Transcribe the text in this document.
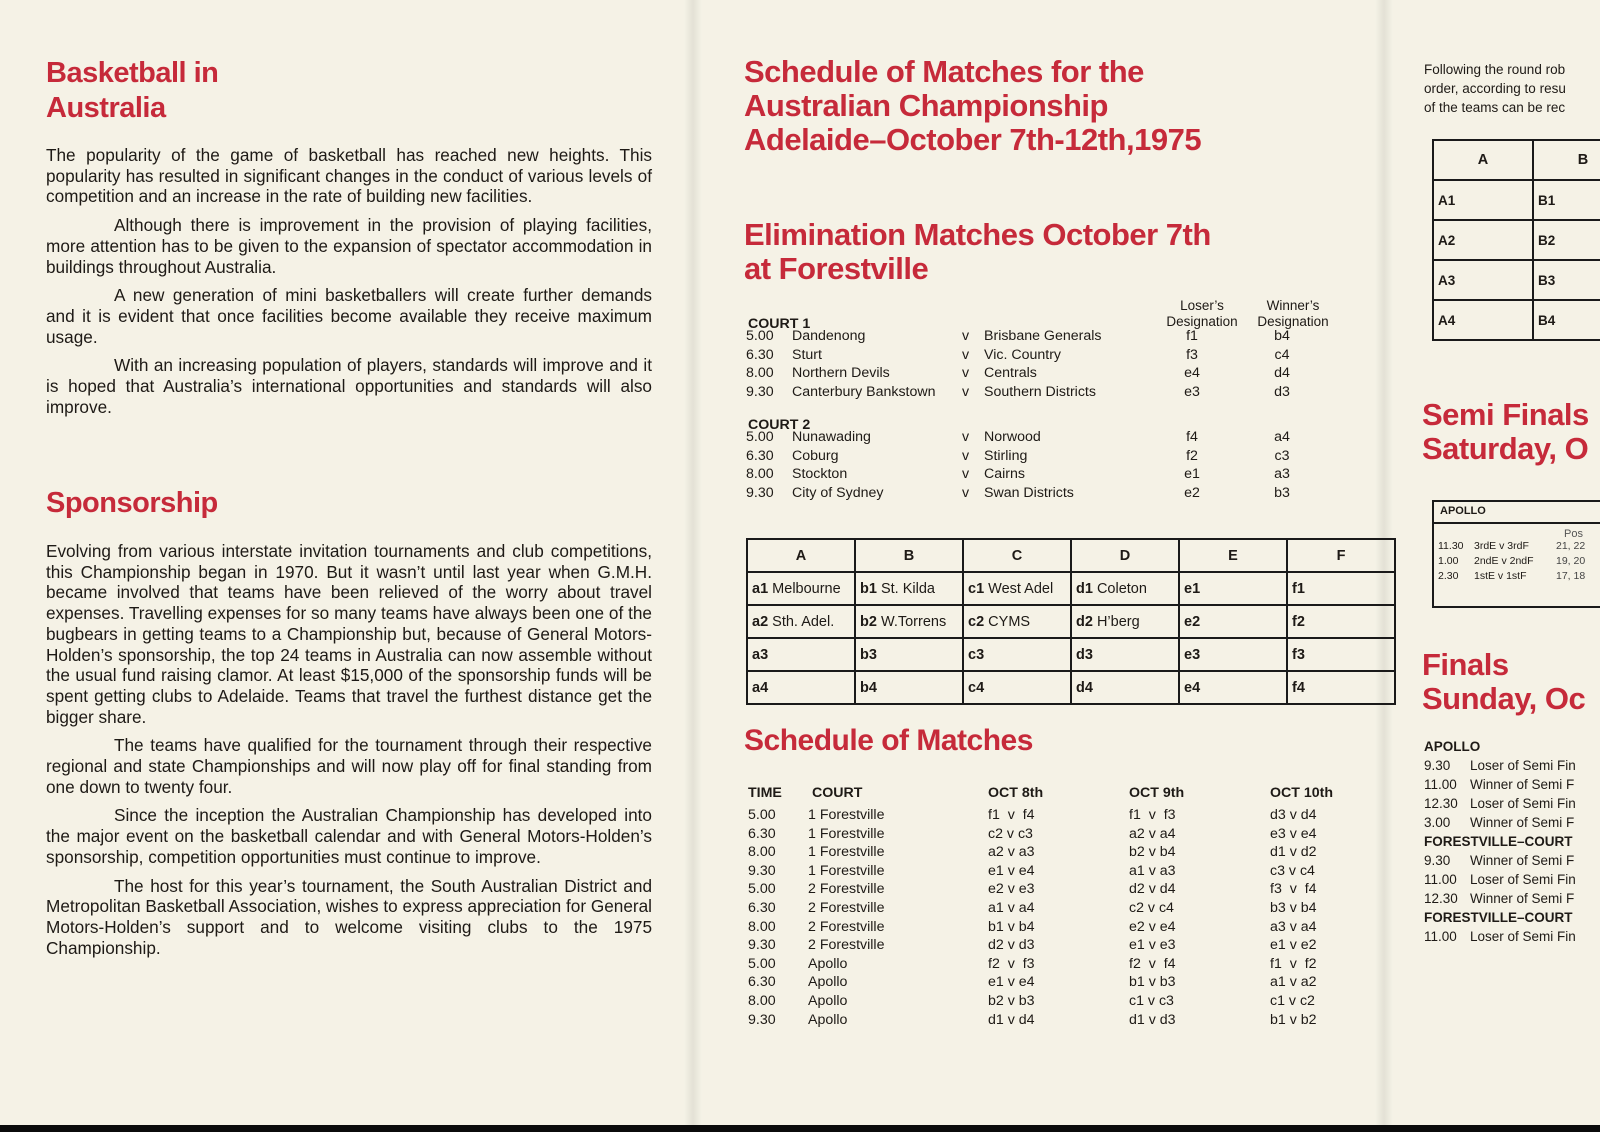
Basketball in
Australia

The popularity of the game of basketball has reached new heights. This popularity has resulted in significant changes in the conduct of various levels of competition and an increase in the rate of building new facilities.

Although there is improvement in the provision of playing facilities, more attention has to be given to the expansion of spectator accommodation in buildings throughout Australia.

A new generation of mini basketballers will create further demands and it is evident that once facilities become available they receive maximum usage.

With an increasing population of players, standards will improve and it is hoped that Australia’s international opportunities and standards will also improve.

Sponsorship

Evolving from various interstate invitation tournaments and club competitions, this Championship began in 1970. But it wasn’t until last year when G.M.H. became involved that teams have been relieved of the worry about travel expenses. Travelling expenses for so many teams have always been one of the bugbears in getting teams to a Championship but, because of General Motors-Holden’s sponsorship, the top 24 teams in Australia can now assemble without the usual fund raising clamor. At least $15,000 of the sponsorship funds will be spent getting clubs to Adelaide. Teams that travel the furthest distance get the bigger share.

The teams have qualified for the tournament through their respective regional and state Championships and will now play off for final standing from one down to twenty four.

Since the inception the Australian Championship has developed into the major event on the basketball calendar and with General Motors-Holden’s sponsorship, competition opportunities must continue to improve.

The host for this year’s tournament, the South Australian District and Metropolitan Basketball Association, wishes to express appreciation for General Motors-Holden’s support and to welcome visiting clubs to the 1975 Championship.

Schedule of Matches for the
Australian Championship
Adelaide–October 7th-12th,1975
Elimination Matches October 7th
at Forestville
Loser’s
Designation
Winner’s
Designation
COURT 1
5.00 Dandenong	v Brisbane Generals	f1	b4
6.30 Sturt	v Vic. Country	f3	c4
8.00 Northern Devils	v Centrals	e4	d4
9.30 Canterbury Bankstown v Southern Districts	e3	d3
COURT 2
5.00 Nunawading	v Norwood	f4	a4
6.30 Coburg	v Stirling	f2	c3
8.00 Stockton	v Cairns	e1	a3
9.30 City of Sydney	v Swan Districts	e2	b3
A	B	C	D	E	F
a1 Melbourne	b1 St. Kilda	c1 West Adel	d1 Coleton	e1	f1
a2 Sth. Adel.	b2 W.Torrens	c2 CYMS	d2 H’berg	e2	f2
a3	b3	c3	d3	e3	f3
a4	b4	c4	d4	e4	f4
Schedule of Matches
TIME COURT	OCT 8th	OCT 9th	OCT 10th
5.00 1 Forestville	f1  v  f4	f1  v  f3	d3 v d4
6.30 1 Forestville	c2 v c3	a2 v a4	e3 v e4
8.00 1 Forestville	a2 v a3	b2 v b4	d1 v d2
9.30 1 Forestville	e1 v e4	a1 v a3	c3 v c4
5.00 2 Forestville	e2 v e3	d2 v d4	f3  v  f4
6.30 2 Forestville	a1 v a4	c2 v c4	b3 v b4
8.00 2 Forestville	b1 v b4	e2 v e4	a3 v a4
9.30 2 Forestville	d2 v d3	e1 v e3	e1 v e2
5.00 Apollo	f2  v  f3	f2  v  f4	f1  v  f2
6.30 Apollo	e1 v e4	b1 v b3	a1 v a2
8.00 Apollo	b2 v b3	c1 v c3	c1 v c2
9.30 Apollo	d1 v d4	d1 v d3	b1 v b2
Following the round rob
order, according to resu
of the teams can be rec
A	B
A1	B1
A2	B2
A3	B3
A4	B4
Semi Finals
Saturday, O
APOLLO
Pos
11.30 3rdE v 3rdF	21, 22
1.00 2ndE v 2ndF 19, 20
2.30 1stE v 1stF	17, 18
Finals
Sunday, Oc
APOLLO
9.30 Loser of Semi Fin
11.00 Winner of Semi F
12.30 Loser of Semi Fin
3.00 Winner of Semi F
FORESTVILLE–COURT
9.30 Winner of Semi F
11.00 Loser of Semi Fin
12.30 Winner of Semi F
FORESTVILLE–COURT
11.00 Loser of Semi Fin
